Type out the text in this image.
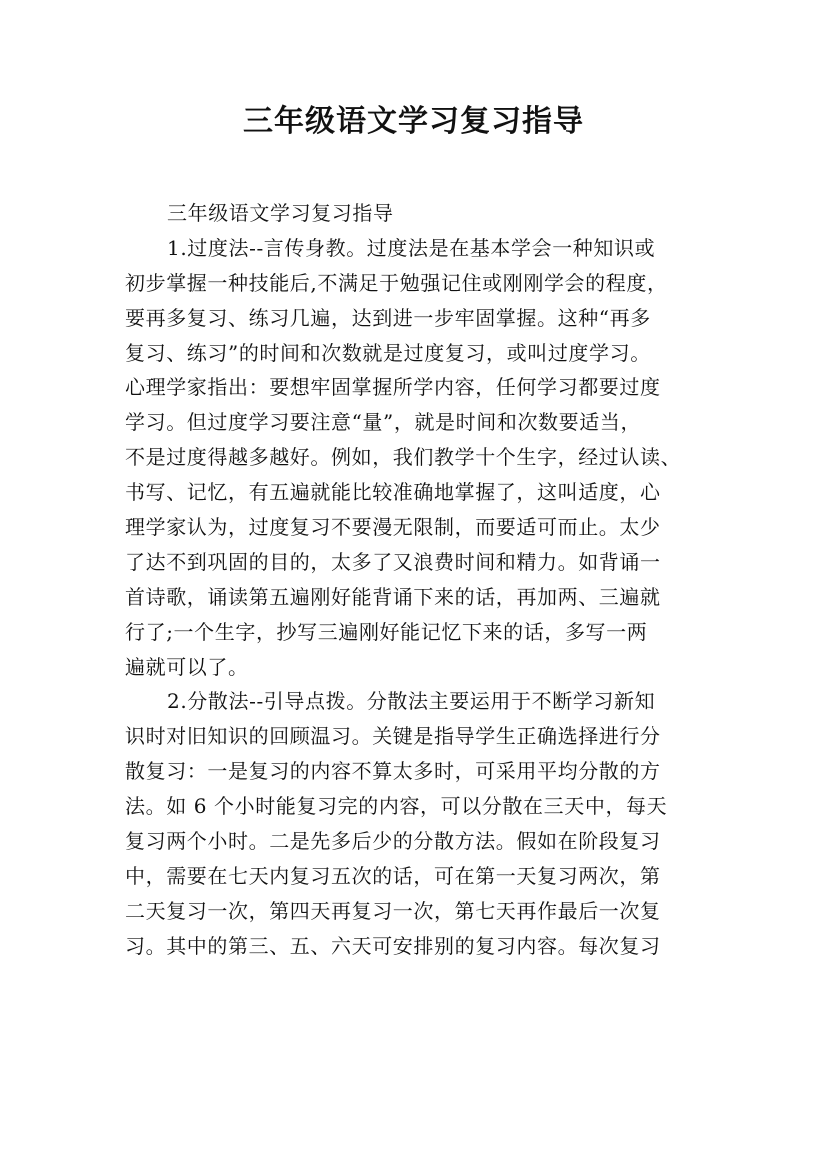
三年级语文学习复习指导
三年级语文学习复习指导
1.过度法--言传身教。过度法是在基本学会一种知识或
初步掌握一种技能后,不满足于勉强记住或刚刚学会的程度，
要再多复习、练习几遍，达到进一步牢固掌握。这种“再多
复习、练习”的时间和次数就是过度复习，或叫过度学习。
心理学家指出：要想牢固掌握所学内容，任何学习都要过度
学习。但过度学习要注意“量”，就是时间和次数要适当，
不是过度得越多越好。例如，我们教学十个生字，经过认读、
书写、记忆，有五遍就能比较准确地掌握了，这叫适度，心
理学家认为，过度复习不要漫无限制，而要适可而止。太少
了达不到巩固的目的，太多了又浪费时间和精力。如背诵一
首诗歌，诵读第五遍刚好能背诵下来的话，再加两、三遍就
行了;一个生字，抄写三遍刚好能记忆下来的话，多写一两
遍就可以了。
2.分散法--引导点拨。分散法主要运用于不断学习新知
识时对旧知识的回顾温习。关键是指导学生正确选择进行分
散复习：一是复习的内容不算太多时，可采用平均分散的方
法。如 6 个小时能复习完的内容，可以分散在三天中，每天
复习两个小时。二是先多后少的分散方法。假如在阶段复习
中，需要在七天内复习五次的话，可在第一天复习两次，第
二天复习一次，第四天再复习一次，第七天再作最后一次复
习。其中的第三、五、六天可安排别的复习内容。每次复习
